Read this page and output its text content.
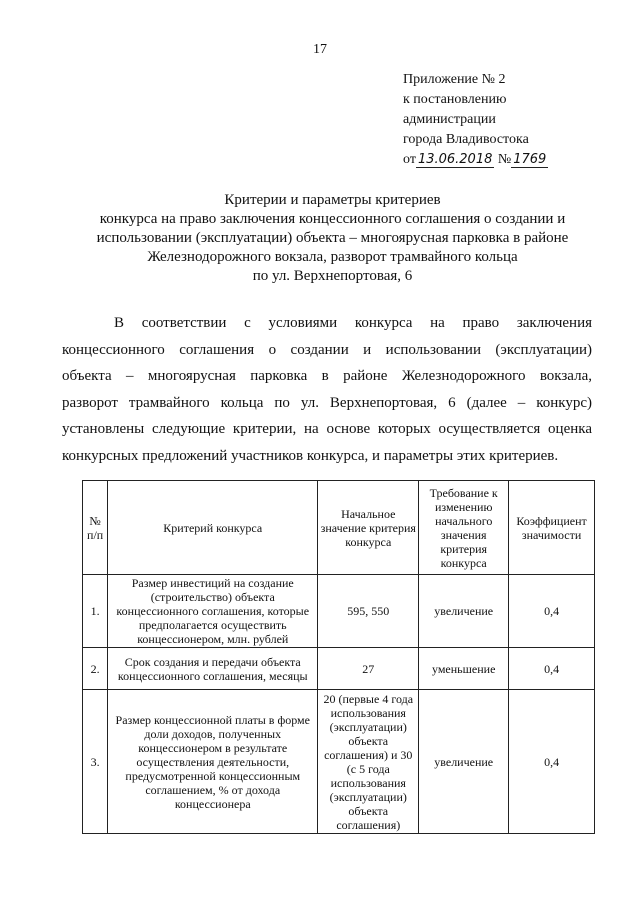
17
Приложение № 2
к постановлению
администрации
города Владивостока
от 13.06.2018 № 1769
Критерии и параметры критериев
конкурса на право заключения концессионного соглашения о создании и
использовании (эксплуатации) объекта – многоярусная парковка в районе
Железнодорожного вокзала, разворот трамвайного кольца
по ул. Верхнепортовая, 6
В соответствии с условиями конкурса на право заключения
концессионного соглашения о создании и использовании (эксплуатации)
объекта – многоярусная парковка в районе Железнодорожного вокзала,
разворот трамвайного кольца по ул. Верхнепортовая, 6 (далее – конкурс)
установлены следующие критерии, на основе которых осуществляется оценка
конкурсных предложений участников конкурса, и параметры этих критериев.
№ п/п	Критерий конкурса	Начальное значение критерия конкурса	Требование к изменению начального значения критерия конкурса	Коэффициент значимости
1.	Размер инвестиций на создание (строительство) объекта концессионного соглашения, которые предполагается осуществить концессионером, млн. рублей	595, 550	увеличение	0,4
2.	Срок создания и передачи объекта концессионного соглашения, месяцы	27	уменьшение	0,4
3.	Размер концессионной платы в форме доли доходов, полученных концессионером в результате осуществления деятельности, предусмотренной концессионным соглашением, % от дохода концессионера	20 (первые 4 года использования (эксплуатации) объекта соглашения) и 30 (с 5 года использования (эксплуатации) объекта соглашения)	увеличение	0,4
